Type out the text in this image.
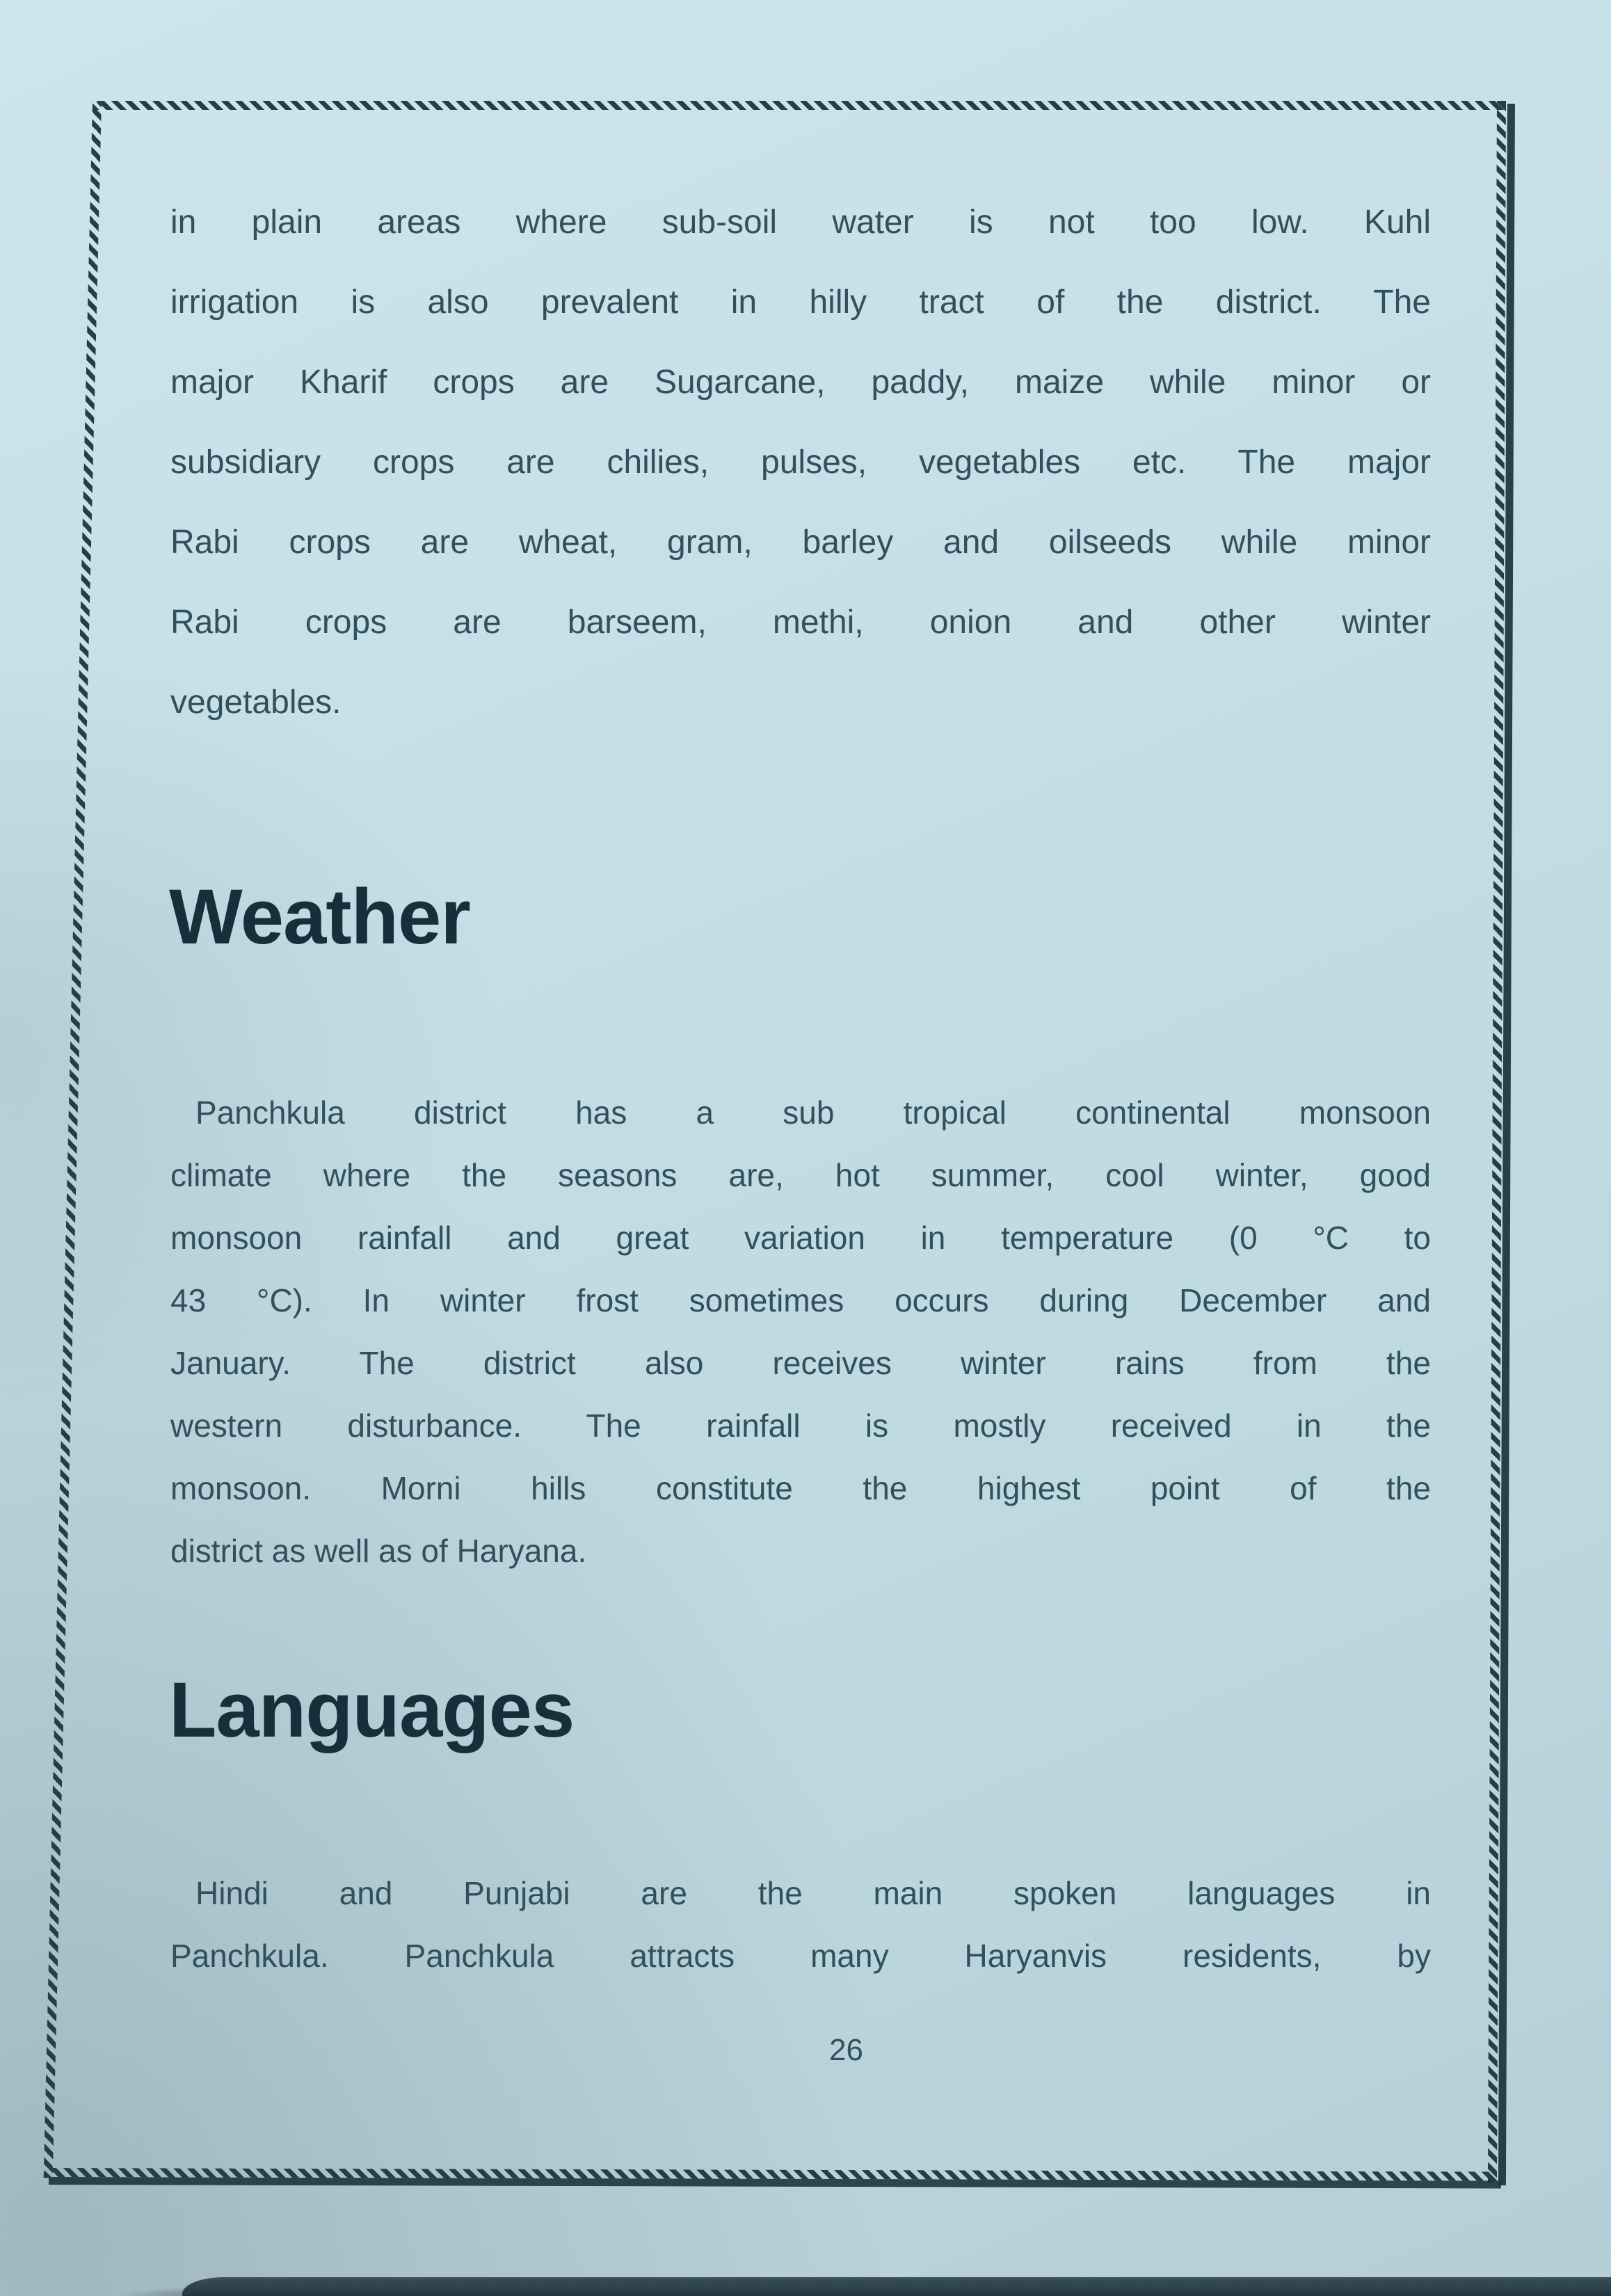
in plain areas where sub-soil water is not too low. Kuhl
irrigation is also prevalent in hilly tract of the district. The
major Kharif crops are Sugarcane, paddy, maize while minor or
subsidiary crops are chilies, pulses, vegetables etc. The major
Rabi crops are wheat, gram, barley and oilseeds while minor
Rabi crops are barseem, methi, onion and other winter
vegetables.
Weather
Panchkula district has a sub tropical continental monsoon
climate where the seasons are, hot summer, cool winter, good
monsoon rainfall and great variation in temperature (0 °C to
43 °C). In winter frost sometimes occurs during December and
January. The district also receives winter rains from the
western disturbance. The rainfall is mostly received in the
monsoon. Morni hills constitute the highest point of the
district as well as of Haryana.
Languages
Hindi and Punjabi are the main spoken languages in
Panchkula. Panchkula attracts many Haryanvis residents, by
26
